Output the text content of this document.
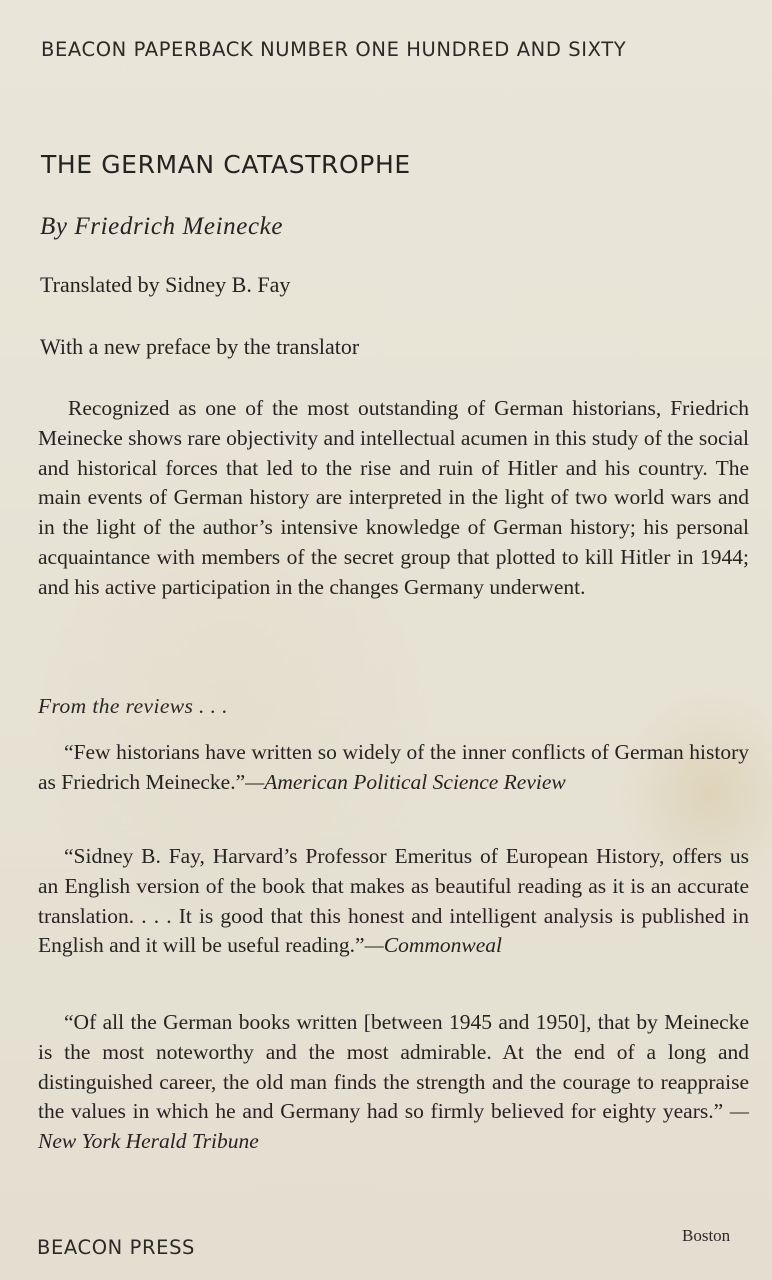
BEACON PAPERBACK NUMBER ONE HUNDRED AND SIXTY
THE GERMAN CATASTROPHE
By Friedrich Meinecke
Translated by Sidney B. Fay
With a new preface by the translator
Recognized as one of the most outstanding of German historians, Friedrich Meinecke shows rare objectivity and intellectual acumen in this study of the social and historical forces that led to the rise and ruin of Hitler and his country. The main events of German history are interpreted in the light of two world wars and in the light of the author’s intensive knowledge of German history; his personal acquaintance with members of the secret group that plotted to kill Hitler in 1944; and his active participation in the changes Germany underwent.
From the reviews . . .
“Few historians have written so widely of the inner conflicts of German history as Friedrich Meinecke.”—American Political Science Review
“Sidney B. Fay, Harvard’s Professor Emeritus of European History, offers us an English version of the book that makes as beautiful reading as it is an accurate translation. . . . It is good that this honest and intelligent analysis is published in English and it will be useful reading.”—Commonweal
“Of all the German books written [between 1945 and 1950], that by Meinecke is the most noteworthy and the most admirable. At the end of a long and distinguished career, the old man finds the strength and the courage to reappraise the values in which he and Germany had so firmly believed for eighty years.” —New York Herald Tribune
BEACON PRESS
Boston
